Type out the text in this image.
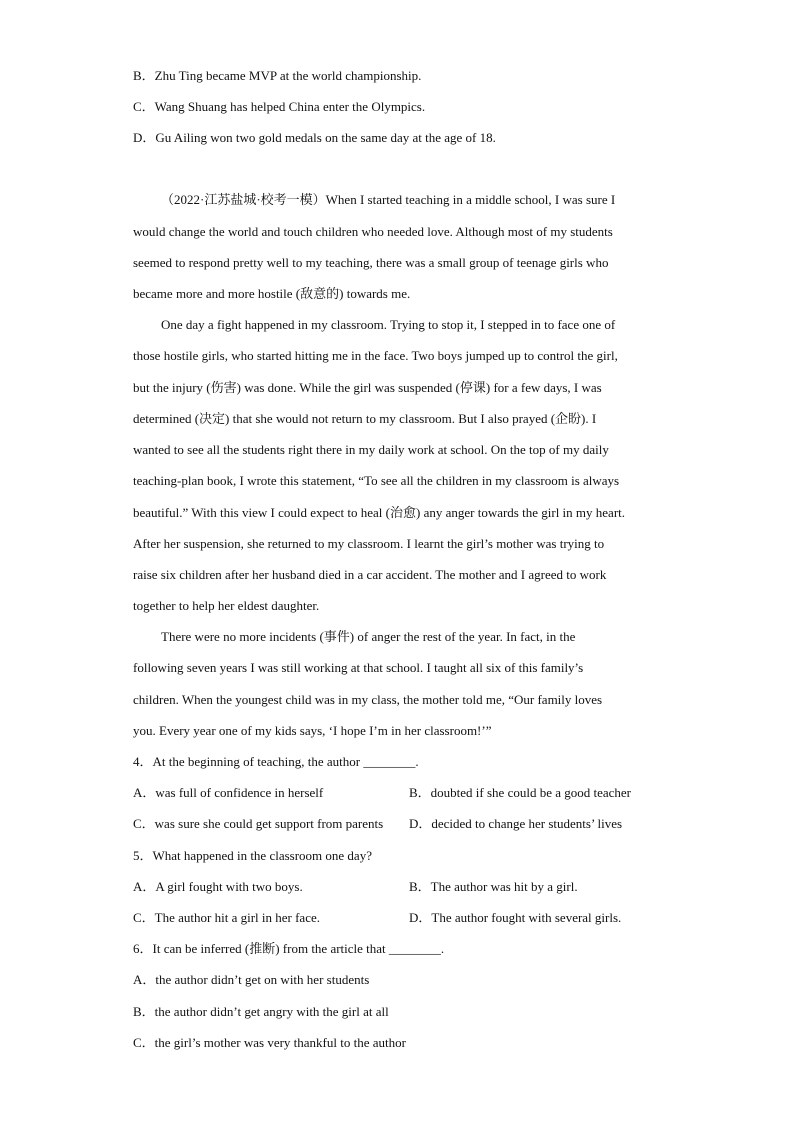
B．Zhu Ting became MVP at the world championship.
C．Wang Shuang has helped China enter the Olympics.
D．Gu Ailing won two gold medals on the same day at the age of 18.
（2022·江苏盐城·校考一模）When I started teaching in a middle school, I was sure I
would change the world and touch children who needed love. Although most of my students
seemed to respond pretty well to my teaching, there was a small group of teenage girls who
became more and more hostile (敌意的) towards me.
One day a fight happened in my classroom. Trying to stop it, I stepped in to face one of
those hostile girls, who started hitting me in the face. Two boys jumped up to control the girl,
but the injury (伤害) was done. While the girl was suspended (停课) for a few days, I was
determined (决定) that she would not return to my classroom. But I also prayed (企盼). I
wanted to see all the students right there in my daily work at school. On the top of my daily
teaching-plan book, I wrote this statement, “To see all the children in my classroom is always
beautiful.” With this view I could expect to heal (治愈) any anger towards the girl in my heart.
After her suspension, she returned to my classroom. I learnt the girl’s mother was trying to
raise six children after her husband died in a car accident. The mother and I agreed to work
together to help her eldest daughter.
There were no more incidents (事件) of anger the rest of the year. In fact, in the
following seven years I was still working at that school. I taught all six of this family’s
children. When the youngest child was in my class, the mother told me, “Our family loves
you. Every year one of my kids says, ‘I hope I’m in her classroom!’”
4．At the beginning of teaching, the author ________.
A．was full of confidence in herself	B．doubted if she could be a good teacher
C．was sure she could get support from parents D．decided to change her students’ lives
5．What happened in the classroom one day?
A．A girl fought with two boys.	B．The author was hit by a girl.
C．The author hit a girl in her face.	D．The author fought with several girls.
6．It can be inferred (推断) from the article that ________.
A．the author didn’t get on with her students
B．the author didn’t get angry with the girl at all
C．the girl’s mother was very thankful to the author
